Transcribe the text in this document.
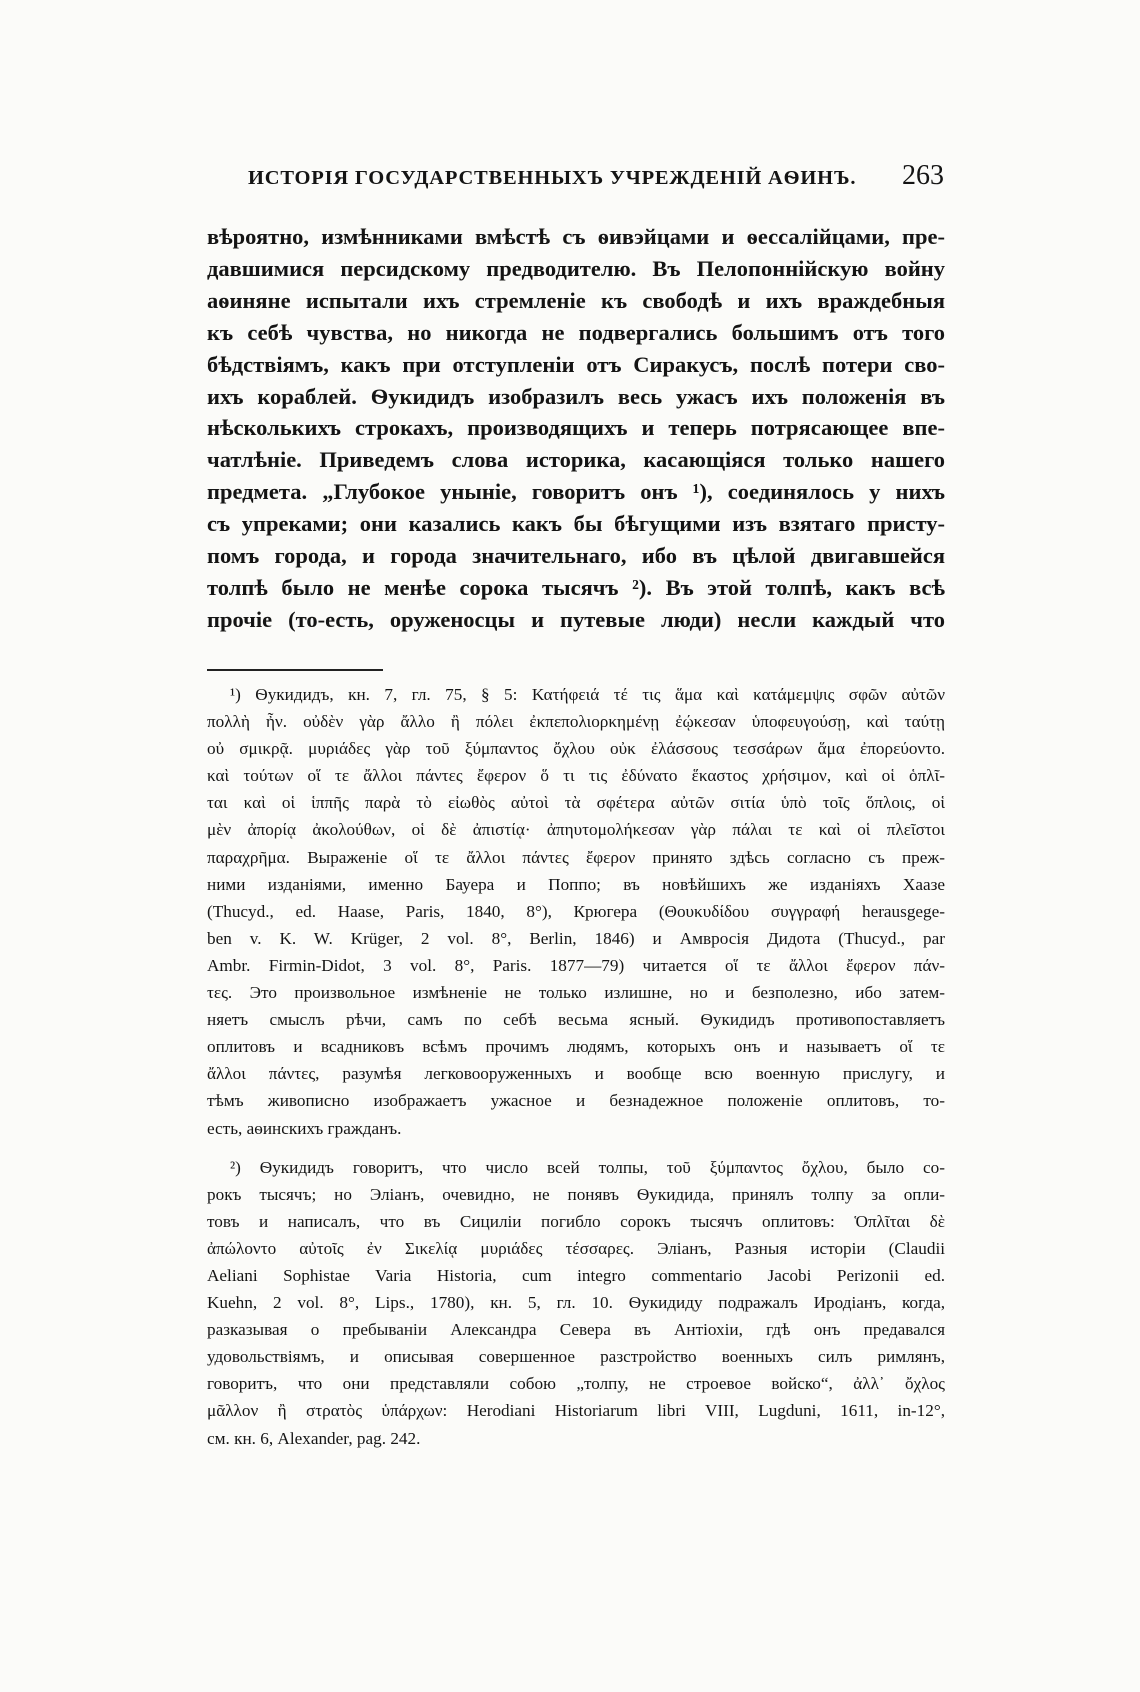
ИСТОРІЯ ГОСУДАРСТВЕННЫХЪ УЧРЕЖДЕНІЙ АѲИНЪ. 263
вѣроятно, измѣнниками вмѣстѣ съ ѳивэйцами и ѳессалійцами, пре-
давшимися персидскому предводителю. Въ Пелопоннійскую войну
аѳиняне испытали ихъ стремленіе къ свободѣ и ихъ враждебныя
къ себѣ чувства, но никогда не подвергались большимъ отъ того
бѣдствіямъ, какъ при отступленіи отъ Сиракусъ, послѣ потери сво-
ихъ кораблей. Ѳукидидъ изобразилъ весь ужасъ ихъ положенія въ
нѣсколькихъ строкахъ, производящихъ и теперь потрясающее впе-
чатлѣніе. Приведемъ слова историка, касающіяся только нашего
предмета. „Глубокое уныніе, говоритъ онъ ¹), соединялось у нихъ
съ упреками; они казались какъ бы бѣгущими изъ взятаго присту-
помъ города, и города значительнаго, ибо въ цѣлой двигавшейся
толпѣ было не менѣе сорока тысячъ ²). Въ этой толпѣ, какъ всѣ
прочіе (то-есть, оруженосцы и путевые люди) несли каждый что
¹) Ѳукидидъ, кн. 7, гл. 75, § 5: Κατήφειά τέ τις ἅμα καὶ κατάμεμψις σφῶν αὐτῶν
πολλὴ ἦν. οὐδὲν γὰρ ἄλλο ἢ πόλει ἐκπεπολιορκημένῃ ἐῴκεσαν ὑποφευγούσῃ, καὶ ταύτῃ
οὐ σμικρᾷ. μυριάδες γὰρ τοῦ ξύμπαντος ὄχλου οὐκ ἐλάσσους τεσσάρων ἅμα ἐπορεύοντο.
καὶ τούτων οἵ τε ἄλλοι πάντες ἔφερον ὅ τι τις ἐδύνατο ἕκαστος χρήσιμον, καὶ οἱ ὁπλῖ-
ται καὶ οἱ ἱππῆς παρὰ τὸ εἰωθὸς αὐτοὶ τὰ σφέτερα αὐτῶν σιτία ὑπὸ τοῖς ὅπλοις, οἱ
μὲν ἀπορίᾳ ἀκολούθων, οἱ δὲ ἀπιστίᾳ· ἀπηυτομολήκεσαν γὰρ πάλαι τε καὶ οἱ πλεῖστοι
παραχρῆμα. Выраженіе οἵ τε ἄλλοι πάντες ἔφερον принято здѣсь согласно съ преж-
ними изданіями, именно Бауера и Поппо; въ новѣйшихъ же изданіяхъ Хаазе
(Thucyd., ed. Haase, Paris, 1840, 8°), Крюгера (Θουκυδίδου συγγραφή herausgege-
ben v. K. W. Krüger, 2 vol. 8°, Berlin, 1846) и Амвросія Дидота (Thucyd., par
Ambr. Firmin-Didot, 3 vol. 8°, Paris. 1877—79) читается οἵ τε ἄλλοι ἔφερον πάν-
τες. Это произвольное измѣненіе не только излишне, но и безполезно, ибо затем-
няетъ смыслъ рѣчи, самъ по себѣ весьма ясный. Ѳукидидъ противопоставляетъ
оплитовъ и всадниковъ всѣмъ прочимъ людямъ, которыхъ онъ и называетъ οἵ τε
ἄλλοι πάντες, разумѣя легковооруженныхъ и вообще всю военную прислугу, и
тѣмъ живописно изображаетъ ужасное и безнадежное положеніе оплитовъ, то-
есть, аѳинскихъ гражданъ.
²) Ѳукидидъ говоритъ, что число всей толпы, τοῦ ξύμπαντος ὄχλου, было со-
рокъ тысячъ; но Эліанъ, очевидно, не понявъ Ѳукидида, принялъ толпу за опли-
товъ и написалъ, что въ Сициліи погибло сорокъ тысячъ оплитовъ: Ὁπλῖται δὲ
ἀπώλοντο αὐτοῖς ἐν Σικελίᾳ μυριάδες τέσσαρες. Эліанъ, Разныя исторіи (Claudii
Aeliani Sophistae Varia Historia, cum integro commentario Jacobi Perizonii ed.
Kuehn, 2 vol. 8°, Lips., 1780), кн. 5, гл. 10. Ѳукидиду подражалъ Иродіанъ, когда,
разказывая о пребываніи Александра Севера въ Антіохіи, гдѣ онъ предавался
удовольствіямъ, и описывая совершенное разстройство военныхъ силъ римлянъ,
говоритъ, что они представляли собою „толпу, не строевое войско“, ἀλλ᾽ ὄχλος
μᾶλλον ἢ στρατὸς ὑπάρχων: Herodiani Historiarum libri VIII, Lugduni, 1611, in-12°,
см. кн. 6, Alexander, pag. 242.
